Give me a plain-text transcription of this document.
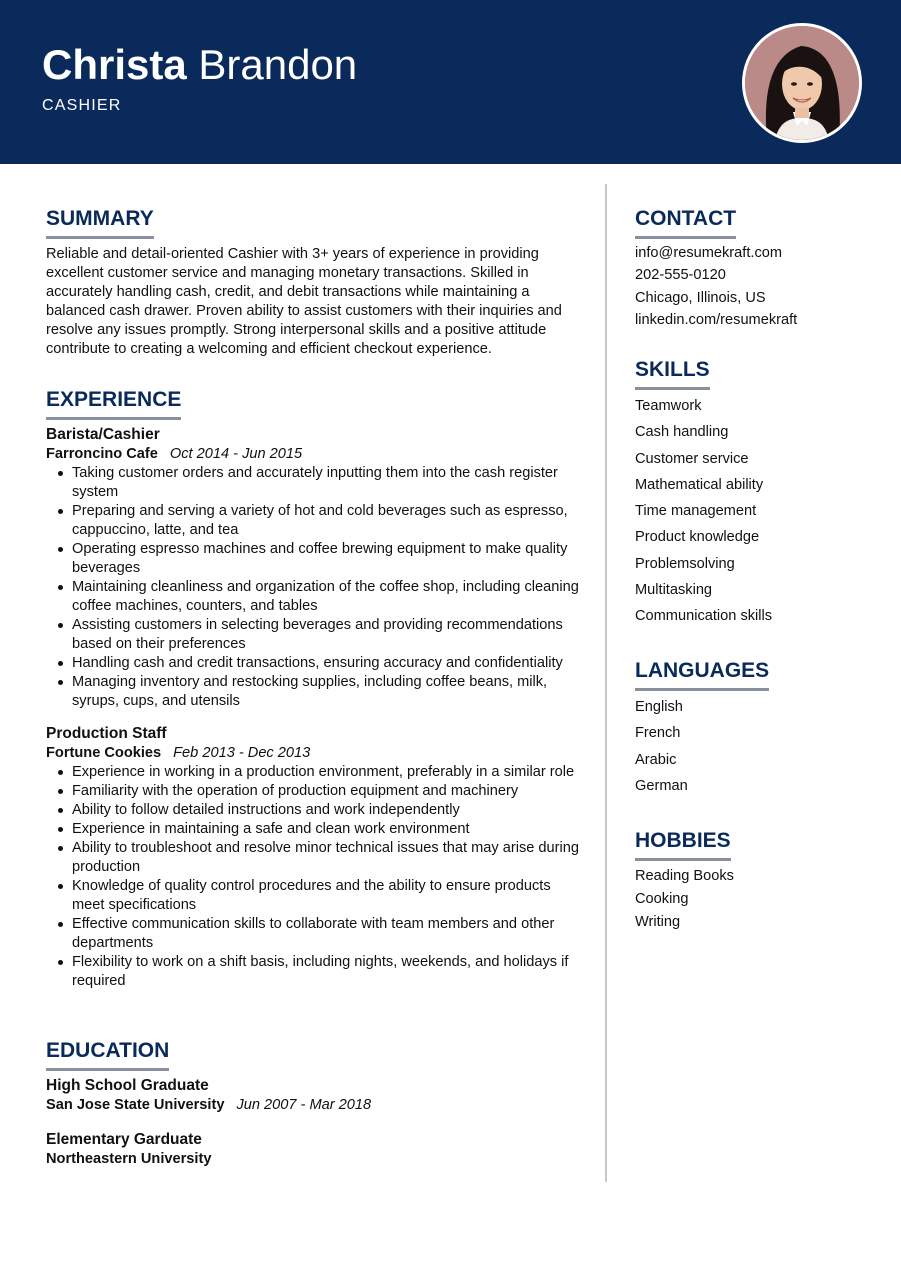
Christa Brandon
CASHIER
SUMMARY
Reliable and detail-oriented Cashier with 3+ years of experience in providing excellent customer service and managing monetary transactions. Skilled in accurately handling cash, credit, and debit transactions while maintaining a balanced cash drawer. Proven ability to assist customers with their inquiries and resolve any issues promptly. Strong interpersonal skills and a positive attitude contribute to creating a welcoming and efficient checkout experience.
EXPERIENCE
Barista/Cashier
Farroncino Cafe Oct 2014 - Jun 2015
Taking customer orders and accurately inputting them into the cash register system
Preparing and serving a variety of hot and cold beverages such as espresso, cappuccino, latte, and tea
Operating espresso machines and coffee brewing equipment to make quality beverages
Maintaining cleanliness and organization of the coffee shop, including cleaning coffee machines, counters, and tables
Assisting customers in selecting beverages and providing recommendations based on their preferences
Handling cash and credit transactions, ensuring accuracy and confidentiality
Managing inventory and restocking supplies, including coffee beans, milk, syrups, cups, and utensils
Production Staff
Fortune Cookies Feb 2013 - Dec 2013
Experience in working in a production environment, preferably in a similar role
Familiarity with the operation of production equipment and machinery
Ability to follow detailed instructions and work independently
Experience in maintaining a safe and clean work environment
Ability to troubleshoot and resolve minor technical issues that may arise during production
Knowledge of quality control procedures and the ability to ensure products meet specifications
Effective communication skills to collaborate with team members and other departments
Flexibility to work on a shift basis, including nights, weekends, and holidays if required
EDUCATION
High School Graduate
San Jose State University Jun 2007 - Mar 2018
Elementary Garduate
Northeastern University
CONTACT
info@resumekraft.com
202-555-0120
Chicago, Illinois, US
linkedin.com/resumekraft
SKILLS
Teamwork
Cash handling
Customer service
Mathematical ability
Time management
Product knowledge
Problemsolving
Multitasking
Communication skills
LANGUAGES
English
French
Arabic
German
HOBBIES
Reading Books
Cooking
Writing
